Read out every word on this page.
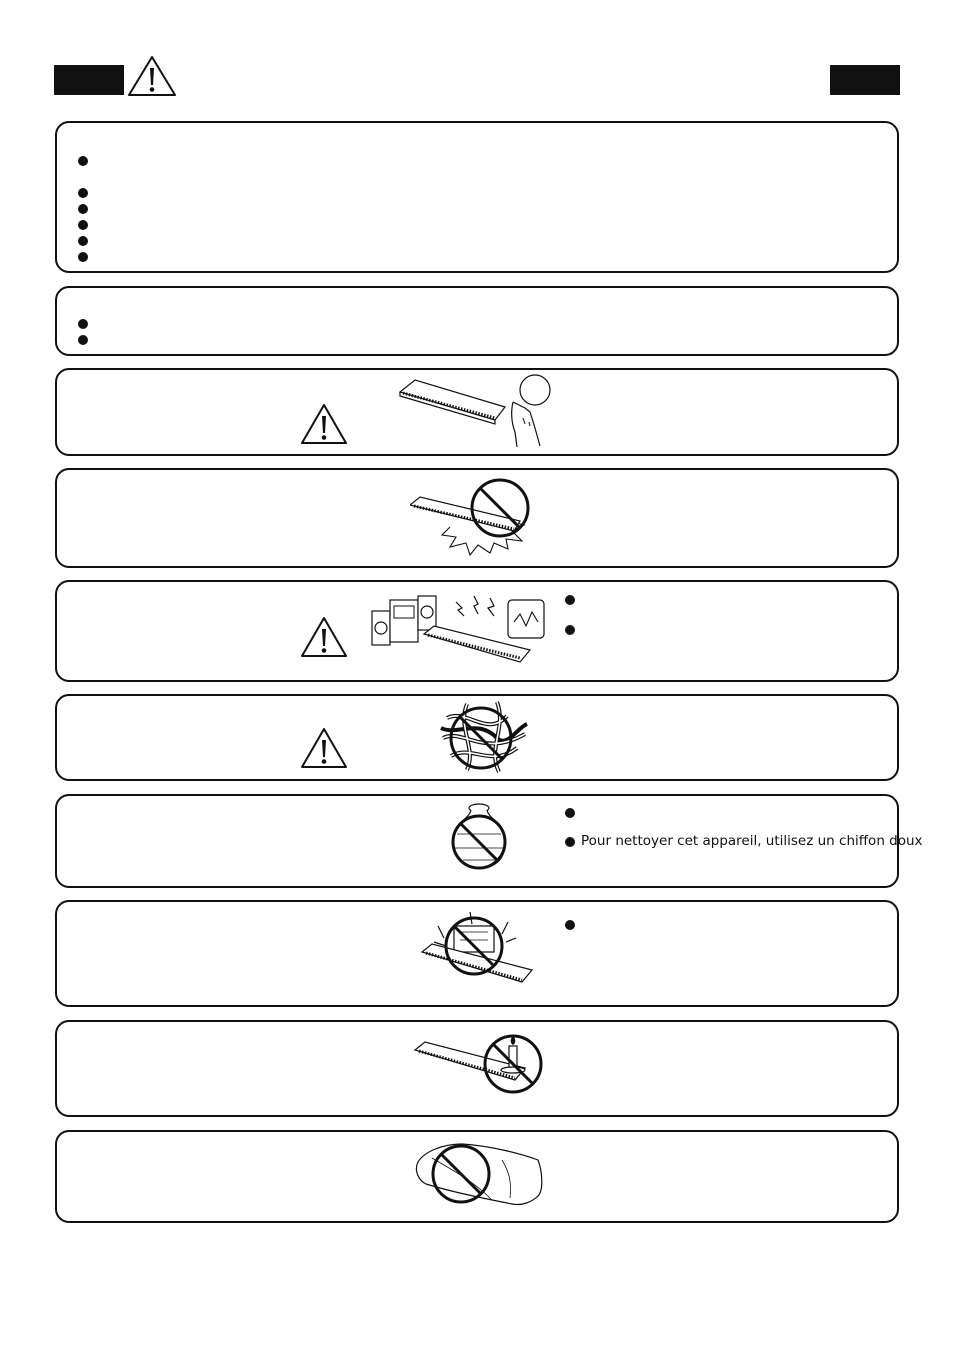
Pour nettoyer cet appareil, utilisez un chiffon doux
